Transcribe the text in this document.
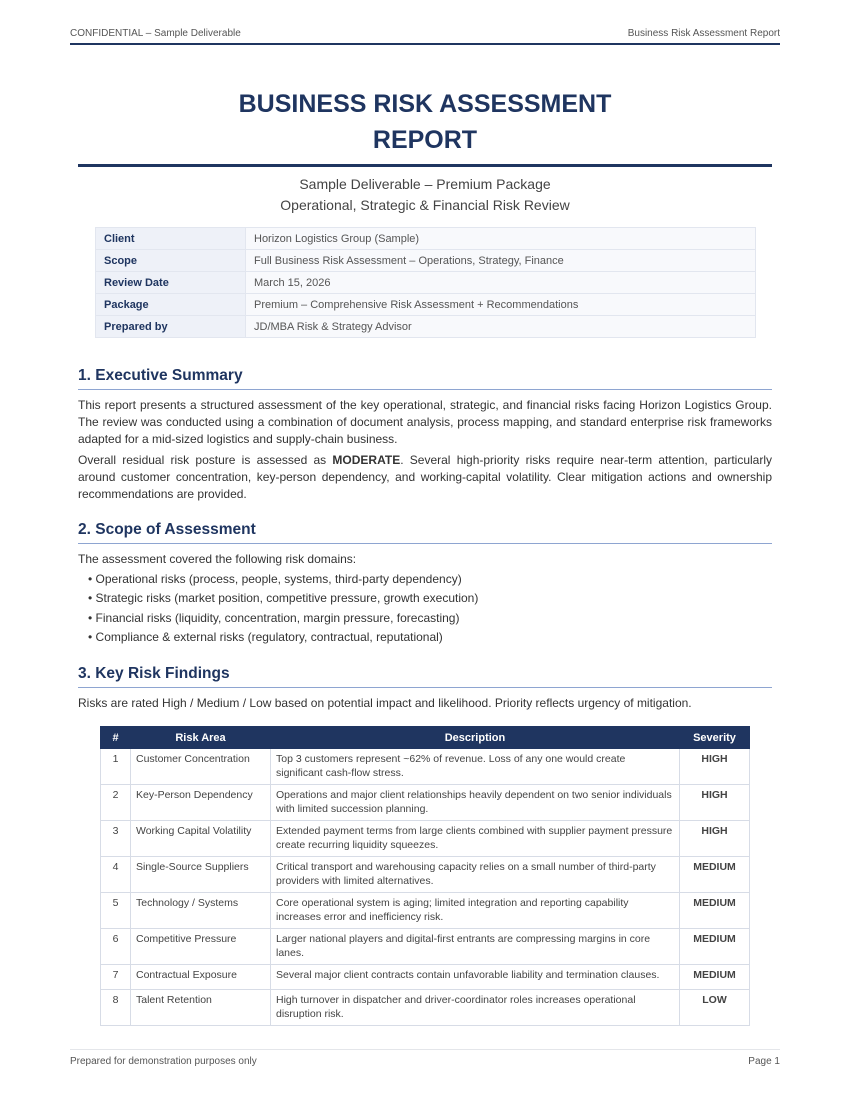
CONFIDENTIAL – Sample Deliverable	Business Risk Assessment Report
BUSINESS RISK ASSESSMENT
REPORT
Sample Deliverable – Premium Package
Operational, Strategic & Financial Risk Review
Client	Horizon Logistics Group (Sample)
Scope	Full Business Risk Assessment – Operations, Strategy, Finance
Review Date	March 15, 2026
Package	Premium – Comprehensive Risk Assessment + Recommendations
Prepared by	JD/MBA Risk & Strategy Advisor
1. Executive Summary

This report presents a structured assessment of the key operational, strategic, and financial risks facing Horizon Logistics Group. The review was conducted using a combination of document analysis, process mapping, and standard enterprise risk frameworks adapted for a mid-sized logistics and supply-chain business.

Overall residual risk posture is assessed as MODERATE. Several high-priority risks require near-term attention, particularly around customer concentration, key-person dependency, and working-capital volatility. Clear mitigation actions and ownership recommendations are provided.

2. Scope of Assessment

The assessment covered the following risk domains:

• Operational risks (process, people, systems, third-party dependency)
• Strategic risks (market position, competitive pressure, growth execution)
• Financial risks (liquidity, concentration, margin pressure, forecasting)
• Compliance & external risks (regulatory, contractual, reputational)
3. Key Risk Findings

Risks are rated High / Medium / Low based on potential impact and likelihood. Priority reflects urgency of mitigation.

#	Risk Area	Description	Severity
1	Customer Concentration	Top 3 customers represent ~62% of revenue. Loss of any one would create significant cash-flow stress.	HIGH
2	Key-Person Dependency	Operations and major client relationships heavily dependent on two senior individuals with limited succession planning.	HIGH
3	Working Capital Volatility	Extended payment terms from large clients combined with supplier payment pressure create recurring liquidity squeezes.	HIGH
4	Single-Source Suppliers	Critical transport and warehousing capacity relies on a small number of third-party providers with limited alternatives.	MEDIUM
5	Technology / Systems	Core operational system is aging; limited integration and reporting capability increases error and inefficiency risk.	MEDIUM
6	Competitive Pressure	Larger national players and digital-first entrants are compressing margins in core lanes.	MEDIUM
7	Contractual Exposure	Several major client contracts contain unfavorable liability and termination clauses.	MEDIUM
8	Talent Retention	High turnover in dispatcher and driver-coordinator roles increases operational disruption risk.	LOW
Prepared for demonstration purposes only	Page 1
